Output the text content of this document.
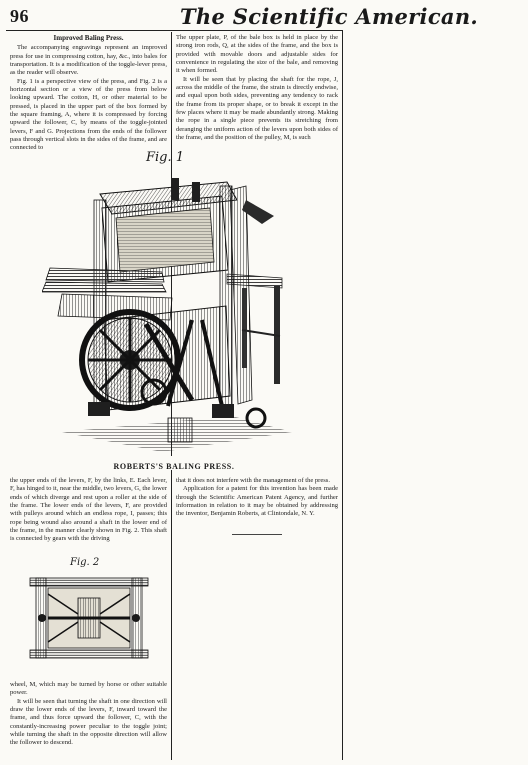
96	The Scientific American.

Improved Baling Press.

The accompanying engravings represent an improved press for use in compressing cotton, hay, &c., into bales for transportation. It is a modification of the toggle-lever press, as the reader will observe.

Fig. 1 is a perspective view of the press, and Fig. 2 is a horizontal section or a view of the press from below looking upward. The cotton, H, or other material to be pressed, is placed in the upper part of the box formed by the square framing, A, where it is compressed by forcing upward the follower, C, by means of the toggle-jointed levers, F and G. Projections from the ends of the follower pass through vertical slots in the sides of the frame, and are connected to

The upper plate, P, of the bale box is held in place by the strong iron rods, Q, at the sides of the frame, and the box is provided with movable doors and adjustable sides for convenience in regulating the size of the bale, and removing it when formed.

It will be seen that by placing the shaft for the rope, J, across the middle of the frame, the strain is directly endwise, and equal upon both sides, preventing any tendency to rack the frame from its proper shape, or to break it except in the few places where it may be made abundantly strong. Making the rope in a single piece prevents its stretching from deranging the uniform action of the levers upon both sides of the frame, and the position of the pulley, M, is such

Fig. 1
ROBERTS'S BALING PRESS.

the upper ends of the levers, F, by the links, E. Each lever, F, has hinged to it, near the middle, two levers, G, the lower ends of which diverge and rest upon a roller at the side of the frame. The lower ends of the levers, F, are provided with pulleys around which an endless rope, I, passes; this rope being wound also around a shaft in the lower end of the frame, in the manner clearly shown in Fig. 2. This shaft is connected by gears with the driving

that it does not interfere with the management of the press.

Application for a patent for this invention has been made through the Scientific American Patent Agency, and further information in relation to it may be obtained by addressing the inventor, Benjamin Roberts, at Clintondale, N. Y.

Fig. 2

wheel, M, which may be turned by horse or other suitable power.

It will be seen that turning the shaft in one direction will draw the lower ends of the levers, F, inward toward the frame, and thus force upward the follower, C, with the constantly-increasing power peculiar to the toggle joint; while turning the shaft in the opposite direction will allow the follower to descend.
